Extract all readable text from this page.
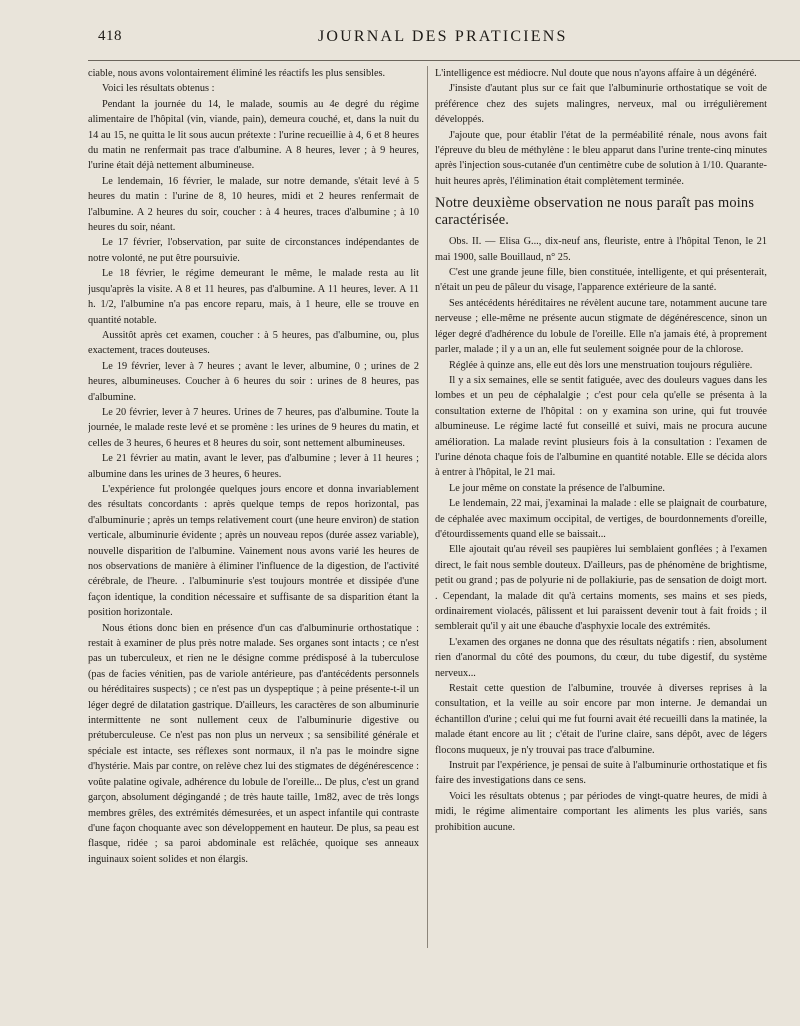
418	JOURNAL DES PRATICIENS

ciable, nous avons volontairement éliminé les réactifs les plus sensibles.

Voici les résultats obtenus :

Pendant la journée du 14, le malade, soumis au 4e degré du régime alimentaire de l'hôpital (vin, viande, pain), demeura couché, et, dans la nuit du 14 au 15, ne quitta le lit sous aucun prétexte : l'urine recueillie à 4, 6 et 8 heures du matin ne renfermait pas trace d'albumine. A 8 heures, lever ; à 9 heures, l'urine était déjà nettement albumineuse.

Le lendemain, 16 février, le malade, sur notre demande, s'était levé à 5 heures du matin : l'urine de 8, 10 heures, midi et 2 heures renfermait de l'albumine. A 2 heures du soir, coucher : à 4 heures, traces d'albumine ; à 10 heures du soir, néant.

Le 17 février, l'observation, par suite de circonstances indépendantes de notre volonté, ne put être poursuivie.

Le 18 février, le régime demeurant le même, le malade resta au lit jusqu'après la visite. A 8 et 11 heures, pas d'albumine. A 11 heures, lever. A 11 h. 1/2, l'albumine n'a pas encore reparu, mais, à 1 heure, elle se trouve en quantité notable.

Aussitôt après cet examen, coucher : à 5 heures, pas d'albumine, ou, plus exactement, traces douteuses.

Le 19 février, lever à 7 heures ; avant le lever, albumine, 0 ; urines de 2 heures, albumineuses. Coucher à 6 heures du soir : urines de 8 heures, pas d'albumine.

Le 20 février, lever à 7 heures. Urines de 7 heures, pas d'albumine. Toute la journée, le malade reste levé et se promène : les urines de 9 heures du matin, et celles de 3 heures, 6 heures et 8 heures du soir, sont nettement albumineuses.

Le 21 février au matin, avant le lever, pas d'albumine ; lever à 11 heures ; albumine dans les urines de 3 heures, 6 heures.

L'expérience fut prolongée quelques jours encore et donna invariablement des résultats concordants : après quelque temps de repos horizontal, pas d'albuminurie ; après un temps relativement court (une heure environ) de station verticale, albuminurie évidente ; après un nouveau repos (durée assez variable), nouvelle disparition de l'albumine. Vainement nous avons varié les heures de nos observations de manière à éliminer l'influence de la digestion, de l'activité cérébrale, de l'heure. . l'albuminurie s'est toujours montrée et dissipée d'une façon identique, la condition nécessaire et suffisante de sa disparition étant la position horizontale.

Nous étions donc bien en présence d'un cas d'albuminurie orthostatique : restait à examiner de plus près notre malade. Ses organes sont intacts ; ce n'est pas un tuberculeux, et rien ne le désigne comme prédisposé à la tuberculose (pas de facies vénitien, pas de variole antérieure, pas d'antécédents personnels ou héréditaires suspects) ; ce n'est pas un dyspeptique ; à peine présente-t-il un léger degré de dilatation gastrique. D'ailleurs, les caractères de son albuminurie intermittente ne sont nullement ceux de l'albuminurie digestive ou prétuberculeuse. Ce n'est pas non plus un nerveux ; sa sensibilité générale et spéciale est intacte, ses réflexes sont normaux, il n'a pas le moindre signe d'hystérie. Mais par contre, on relève chez lui des stigmates de dégénérescence : voûte palatine ogivale, adhérence du lobule de l'oreille... De plus, c'est un grand garçon, absolument dégingandé ; de très haute taille, 1m82, avec de très longs membres grêles, des extrémités démesurées, et un aspect infantile qui contraste d'une façon choquante avec son développement en hauteur. De plus, sa peau est flasque, ridée ; sa paroi abdominale est relâchée, quoique ses anneaux inguinaux soient solides et non élargis.

L'intelligence est médiocre. Nul doute que nous n'ayons affaire à un dégénéré.

J'insiste d'autant plus sur ce fait que l'albuminurie orthostatique se voit de préférence chez des sujets malingres, nerveux, mal ou irrégulièrement développés.

J'ajoute que, pour établir l'état de la perméabilité rénale, nous avons fait l'épreuve du bleu de méthylène : le bleu apparut dans l'urine trente-cinq minutes après l'injection sous-cutanée d'un centimètre cube de solution à 1/10. Quarante-huit heures après, l'élimination était complètement terminée.

Notre deuxième observation ne nous paraît pas moins caractérisée.

Obs. II. — Elisa G..., dix-neuf ans, fleuriste, entre à l'hôpital Tenon, le 21 mai 1900, salle Bouillaud, n° 25.

C'est une grande jeune fille, bien constituée, intelligente, et qui présenterait, n'était un peu de pâleur du visage, l'apparence extérieure de la santé.

Ses antécédents héréditaires ne révèlent aucune tare, notamment aucune tare nerveuse ; elle-même ne présente aucun stigmate de dégénérescence, sinon un léger degré d'adhérence du lobule de l'oreille. Elle n'a jamais été, à proprement parler, malade ; il y a un an, elle fut seulement soignée pour de la chlorose.

Réglée à quinze ans, elle eut dès lors une menstruation toujours régulière.

Il y a six semaines, elle se sentit fatiguée, avec des douleurs vagues dans les lombes et un peu de céphalalgie ; c'est pour cela qu'elle se présenta à la consultation externe de l'hôpital : on y examina son urine, qui fut trouvée albumineuse. Le régime lacté fut conseillé et suivi, mais ne procura aucune amélioration. La malade revint plusieurs fois à la consultation : l'examen de l'urine dénota chaque fois de l'albumine en quantité notable. Elle se décida alors à entrer à l'hôpital, le 21 mai.

Le jour même on constate la présence de l'albumine.

Le lendemain, 22 mai, j'examinai la malade : elle se plaignait de courbature, de céphalée avec maximum occipital, de vertiges, de bourdonnements d'oreille, d'étourdissements quand elle se baissait...

Elle ajoutait qu'au réveil ses paupières lui semblaient gonflées ; à l'examen direct, le fait nous semble douteux. D'ailleurs, pas de phénomène de brightisme, petit ou grand ; pas de polyurie ni de pollakiurie, pas de sensation de doigt mort. . Cependant, la malade dit qu'à certains moments, ses mains et ses pieds, ordinairement violacés, pâlissent et lui paraissent devenir tout à fait froids ; il semblerait qu'il y ait une ébauche d'asphyxie locale des extrémités.

L'examen des organes ne donna que des résultats négatifs : rien, absolument rien d'anormal du côté des poumons, du cœur, du tube digestif, du système nerveux...

Restait cette question de l'albumine, trouvée à diverses reprises à la consultation, et la veille au soir encore par mon interne. Je demandai un échantillon d'urine ; celui qui me fut fourni avait été recueilli dans la matinée, la malade étant encore au lit ; c'était de l'urine claire, sans dépôt, avec de légers flocons muqueux, je n'y trouvai pas trace d'albumine.

Instruit par l'expérience, je pensai de suite à l'albuminurie orthostatique et fis faire des investigations dans ce sens.

Voici les résultats obtenus ; par périodes de vingt-quatre heures, de midi à midi, le régime alimentaire comportant les aliments les plus variés, sans prohibition aucune.
